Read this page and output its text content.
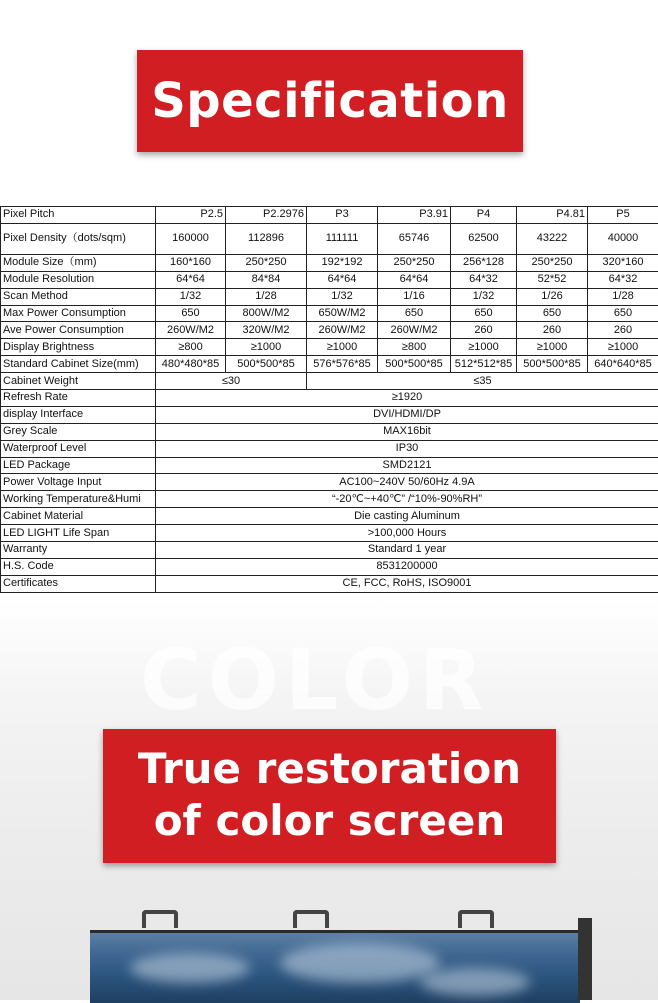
Specification
Pixel Pitch	P2.5	P2.2976	P3	P3.91	P4	P4.81	P5
Pixel Density（dots/sqm)	160000	112896	111111	65746	62500	43222	40000
Module Size（mm)	160*160	250*250	192*192	250*250	256*128	250*250	320*160
Module Resolution	64*64	84*84	64*64	64*64	64*32	52*52	64*32
Scan Method	1/32	1/28	1/32	1/16	1/32	1/26	1/28
Max Power Consumption	650	800W/M2	650W/M2	650	650	650	650
Ave Power Consumption	260W/M2	320W/M2	260W/M2	260W/M2	260	260	260
Display Brightness	≥800	≥1000	≥1000	≥800	≥1000	≥1000	≥1000
Standard Cabinet Size(mm)	480*480*85	500*500*85	576*576*85	500*500*85	512*512*85	500*500*85	640*640*85
Cabinet Weight	≤30		≤35				
Refresh Rate	≥1920						
display Interface	DVI/HDMI/DP						
Grey Scale	MAX16bit						
Waterproof Level	IP30						
LED Package	SMD2121						
Power Voltage Input	AC100~240V 50/60Hz 4.9A						
Working Temperature&Humi	“-20℃~+40℃” /“10%-90%RH”						
Cabinet Material	Die casting Aluminum						
LED LIGHT Life Span	>100,000 Hours						
Warranty	Standard 1 year						
H.S. Code	8531200000						
Certificates	CE, FCC, RoHS, ISO9001						
COLOR
True restoration
of color screen
